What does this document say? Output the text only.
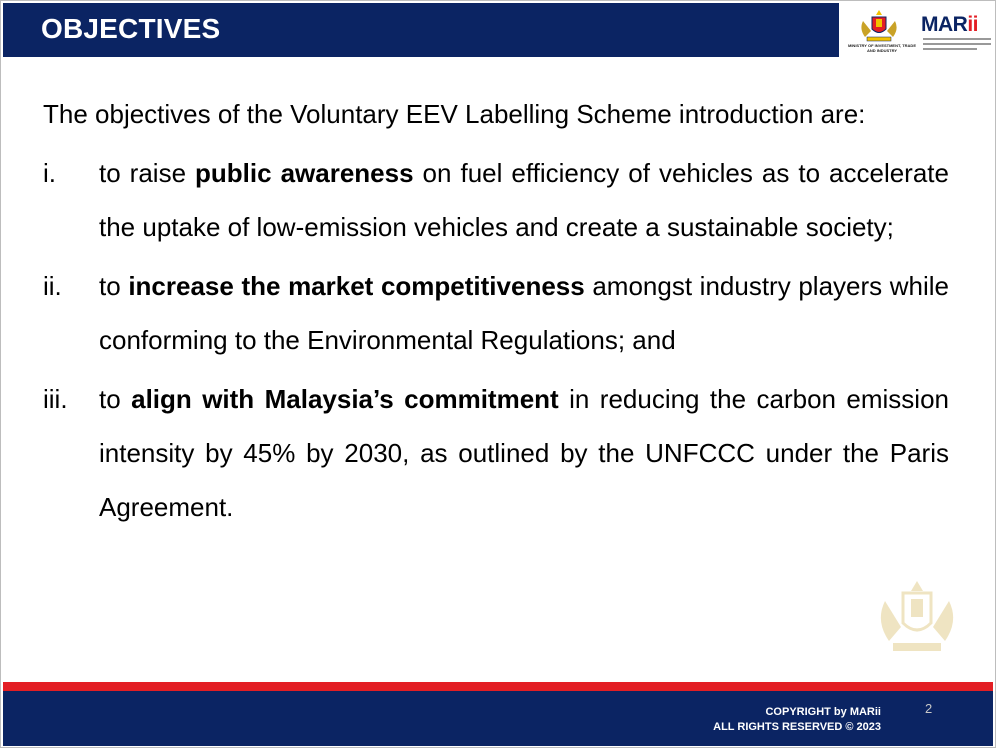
OBJECTIVES
MINISTRY OF INVESTMENT, TRADE AND INDUSTRY
MARii

The objectives of the Voluntary EEV Labelling Scheme introduction are:

i. to raise public awareness on fuel efficiency of vehicles as to accelerate the uptake of low-emission vehicles and create a sustainable society;
ii. to increase the market competitiveness amongst industry players while conforming to the Environmental Regulations; and
iii. to align with Malaysia’s commitment in reducing the carbon emission intensity by 45% by 2030, as outlined by the UNFCCC under the Paris Agreement.
COPYRIGHT by MARii
ALL RIGHTS RESERVED © 2023
2
